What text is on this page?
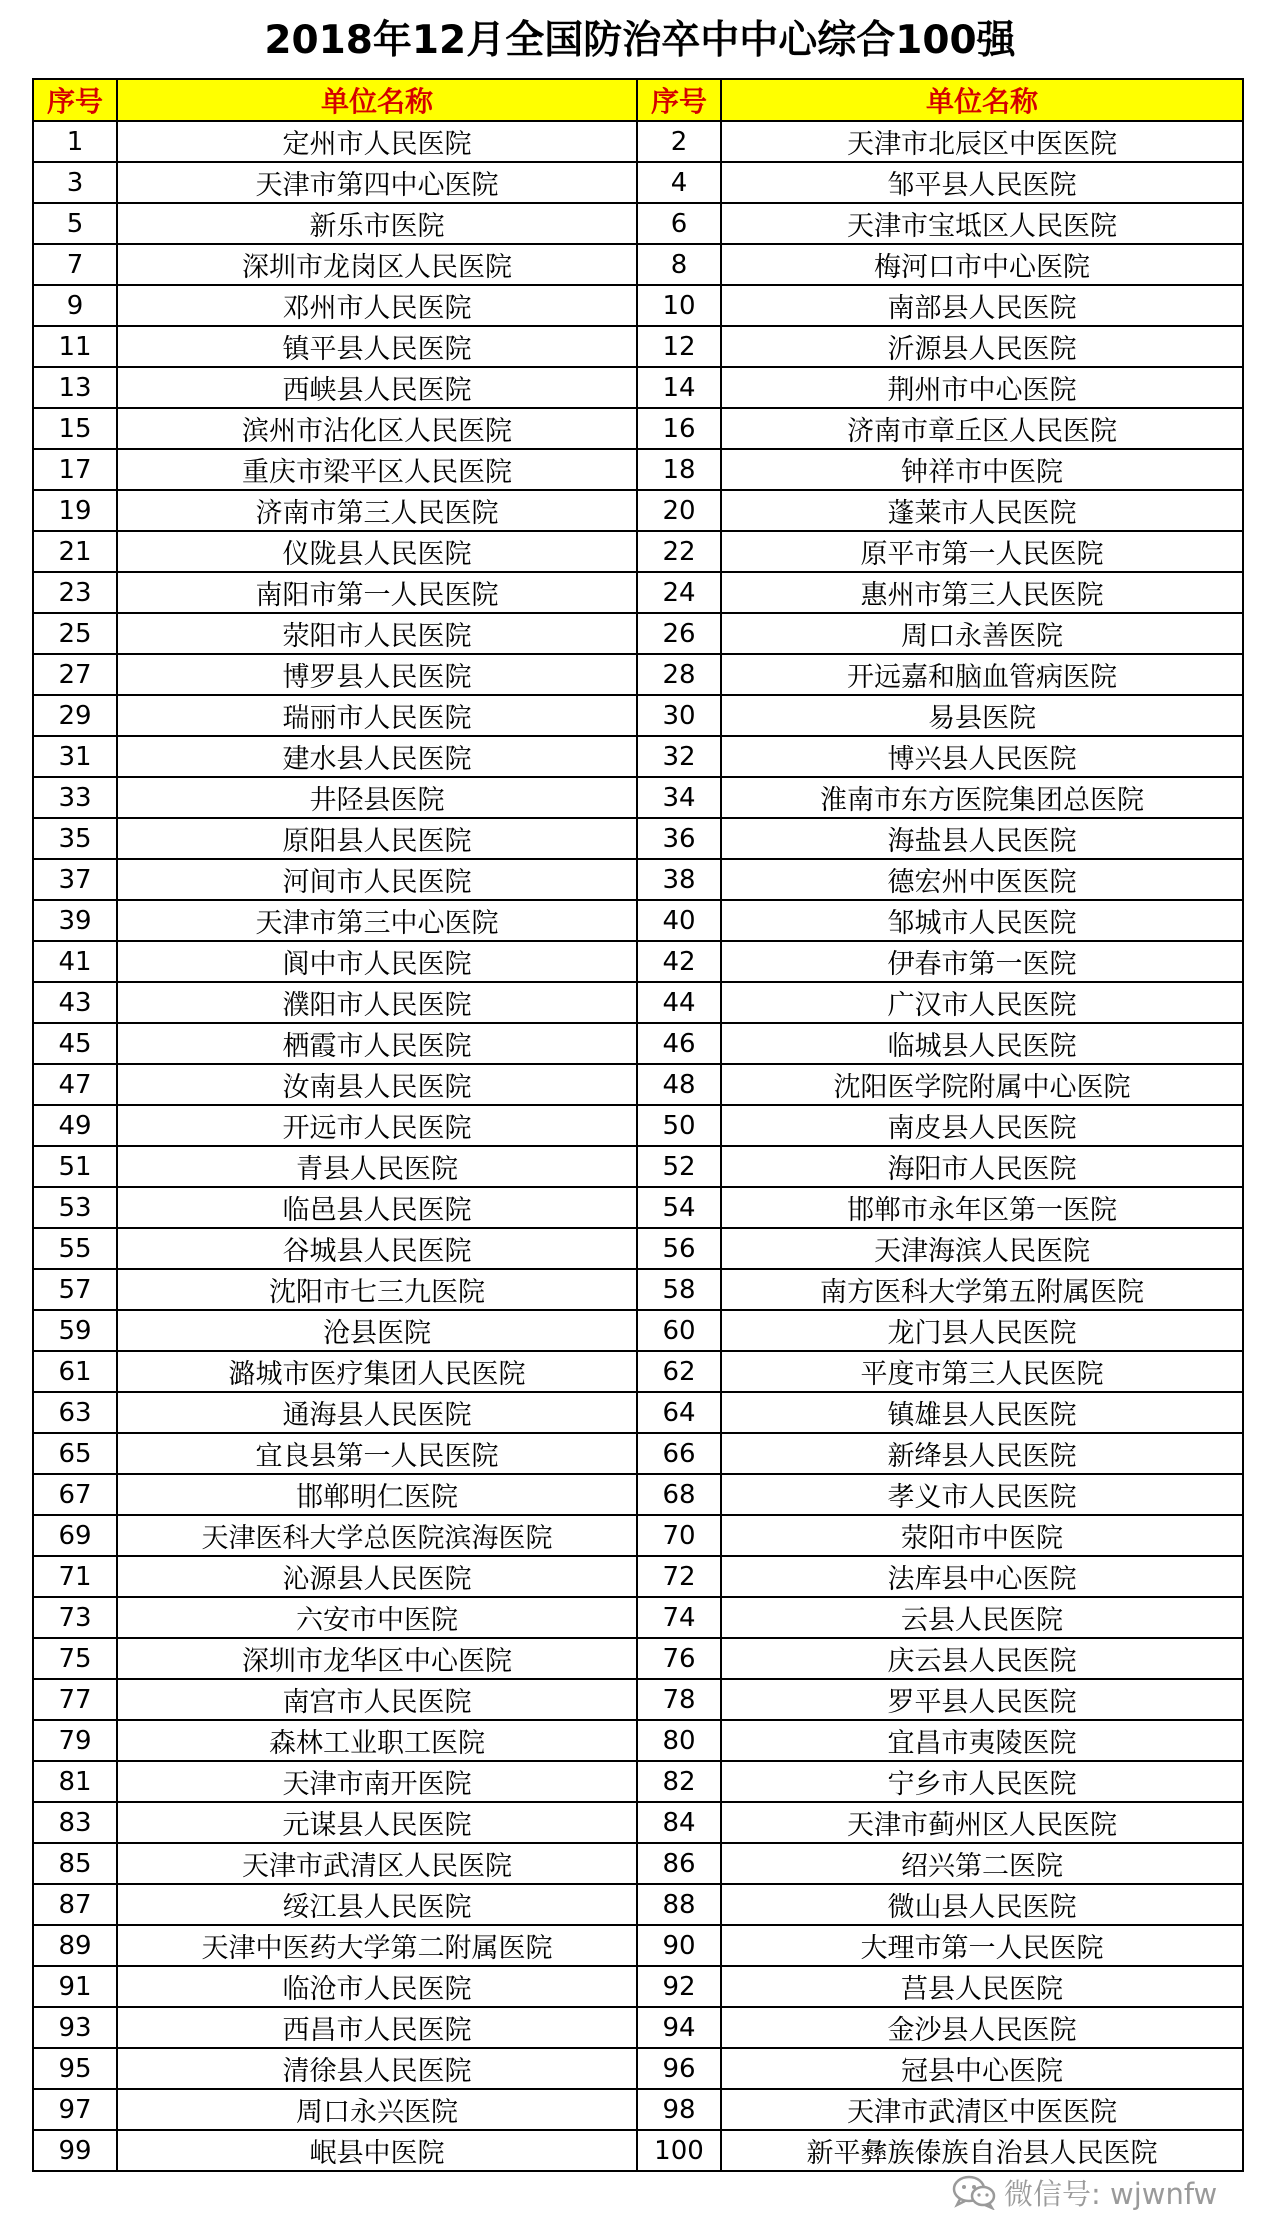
2018年12月全国防治卒中中心综合100强
序号	单位名称	序号	单位名称
1	定州市人民医院	2	天津市北辰区中医医院
3	天津市第四中心医院	4	邹平县人民医院
5	新乐市医院	6	天津市宝坻区人民医院
7	深圳市龙岗区人民医院	8	梅河口市中心医院
9	邓州市人民医院	10	南部县人民医院
11	镇平县人民医院	12	沂源县人民医院
13	西峡县人民医院	14	荆州市中心医院
15	滨州市沾化区人民医院	16	济南市章丘区人民医院
17	重庆市梁平区人民医院	18	钟祥市中医院
19	济南市第三人民医院	20	蓬莱市人民医院
21	仪陇县人民医院	22	原平市第一人民医院
23	南阳市第一人民医院	24	惠州市第三人民医院
25	荥阳市人民医院	26	周口永善医院
27	博罗县人民医院	28	开远嘉和脑血管病医院
29	瑞丽市人民医院	30	易县医院
31	建水县人民医院	32	博兴县人民医院
33	井陉县医院	34	淮南市东方医院集团总医院
35	原阳县人民医院	36	海盐县人民医院
37	河间市人民医院	38	德宏州中医医院
39	天津市第三中心医院	40	邹城市人民医院
41	阆中市人民医院	42	伊春市第一医院
43	濮阳市人民医院	44	广汉市人民医院
45	栖霞市人民医院	46	临城县人民医院
47	汝南县人民医院	48	沈阳医学院附属中心医院
49	开远市人民医院	50	南皮县人民医院
51	青县人民医院	52	海阳市人民医院
53	临邑县人民医院	54	邯郸市永年区第一医院
55	谷城县人民医院	56	天津海滨人民医院
57	沈阳市七三九医院	58	南方医科大学第五附属医院
59	沧县医院	60	龙门县人民医院
61	潞城市医疗集团人民医院	62	平度市第三人民医院
63	通海县人民医院	64	镇雄县人民医院
65	宜良县第一人民医院	66	新绛县人民医院
67	邯郸明仁医院	68	孝义市人民医院
69	天津医科大学总医院滨海医院	70	荥阳市中医院
71	沁源县人民医院	72	法库县中心医院
73	六安市中医院	74	云县人民医院
75	深圳市龙华区中心医院	76	庆云县人民医院
77	南宫市人民医院	78	罗平县人民医院
79	森林工业职工医院	80	宜昌市夷陵医院
81	天津市南开医院	82	宁乡市人民医院
83	元谋县人民医院	84	天津市蓟州区人民医院
85	天津市武清区人民医院	86	绍兴第二医院
87	绥江县人民医院	88	微山县人民医院
89	天津中医药大学第二附属医院	90	大理市第一人民医院
91	临沧市人民医院	92	莒县人民医院
93	西昌市人民医院	94	金沙县人民医院
95	清徐县人民医院	96	冠县中心医院
97	周口永兴医院	98	天津市武清区中医医院
99	岷县中医院	100	新平彝族傣族自治县人民医院
微信号: wjwnfw
